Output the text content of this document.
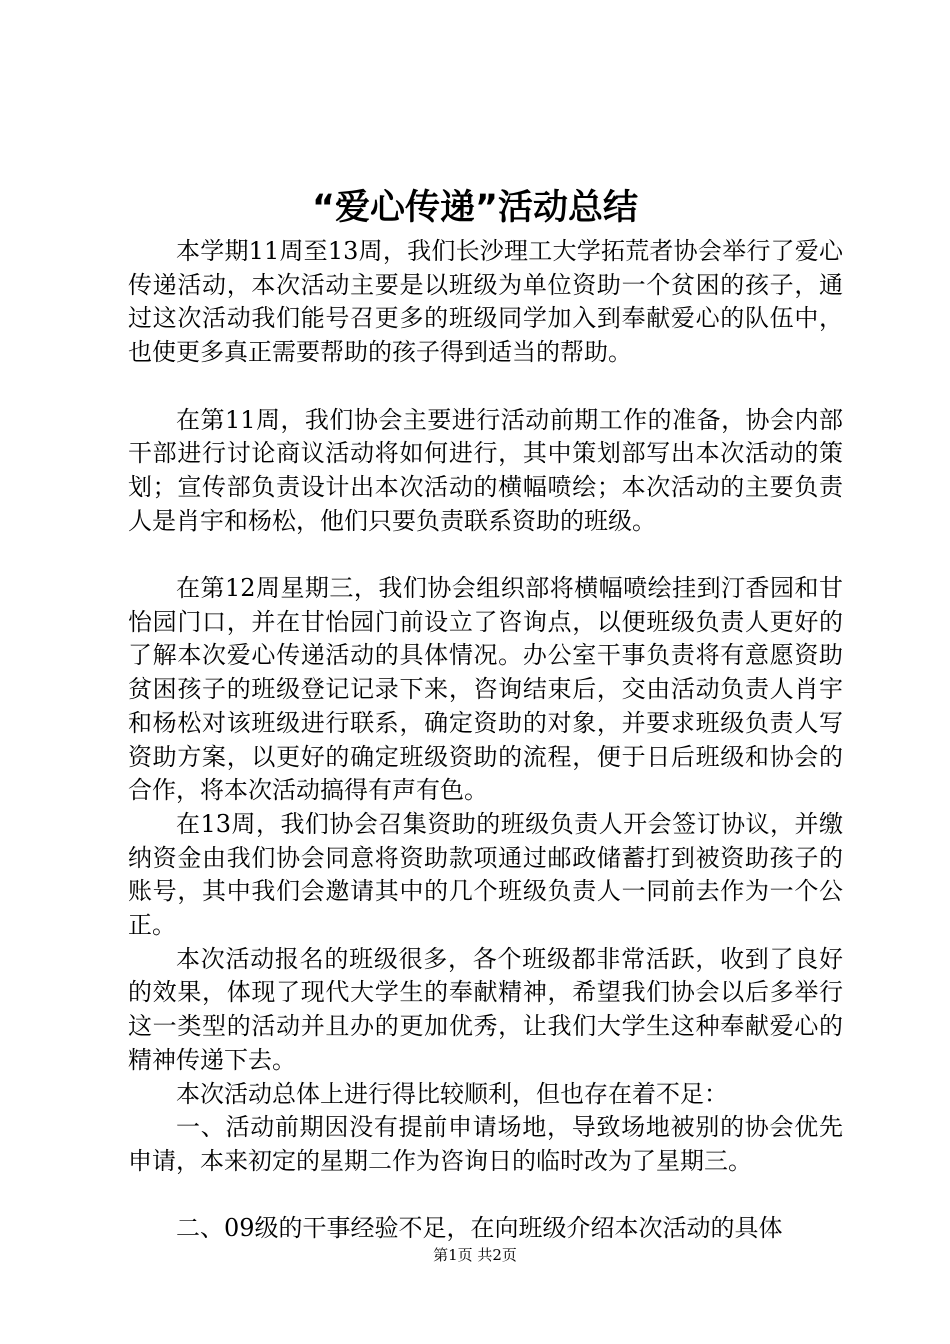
“爱心传递”活动总结

本学期11周至13周，我们长沙理工大学拓荒者协会举行了爱心传递活动，本次活动主要是以班级为单位资助一个贫困的孩子，通过这次活动我们能号召更多的班级同学加入到奉献爱心的队伍中，也使更多真正需要帮助的孩子得到适当的帮助。

在第11周，我们协会主要进行活动前期工作的准备，协会内部干部进行讨论商议活动将如何进行，其中策划部写出本次活动的策划；宣传部负责设计出本次活动的横幅喷绘；本次活动的主要负责人是肖宇和杨松，他们只要负责联系资助的班级。

在第12周星期三，我们协会组织部将横幅喷绘挂到汀香园和甘怡园门口，并在甘怡园门前设立了咨询点，以便班级负责人更好的了解本次爱心传递活动的具体情况。办公室干事负责将有意愿资助贫困孩子的班级登记记录下来，咨询结束后，交由活动负责人肖宇和杨松对该班级进行联系，确定资助的对象，并要求班级负责人写资助方案，以更好的确定班级资助的流程，便于日后班级和协会的合作，将本次活动搞得有声有色。

在13周，我们协会召集资助的班级负责人开会签订协议，并缴纳资金由我们协会同意将资助款项通过邮政储蓄打到被资助孩子的账号，其中我们会邀请其中的几个班级负责人一同前去作为一个公正。

本次活动报名的班级很多，各个班级都非常活跃，收到了良好的效果，体现了现代大学生的奉献精神，希望我们协会以后多举行这一类型的活动并且办的更加优秀，让我们大学生这种奉献爱心的精神传递下去。

本次活动总体上进行得比较顺利，但也存在着不足：

一、活动前期因没有提前申请场地，导致场地被别的协会优先申请，本来初定的星期二作为咨询日的临时改为了星期三。

二、09级的干事经验不足，在向班级介绍本次活动的具体

第1页 共2页
